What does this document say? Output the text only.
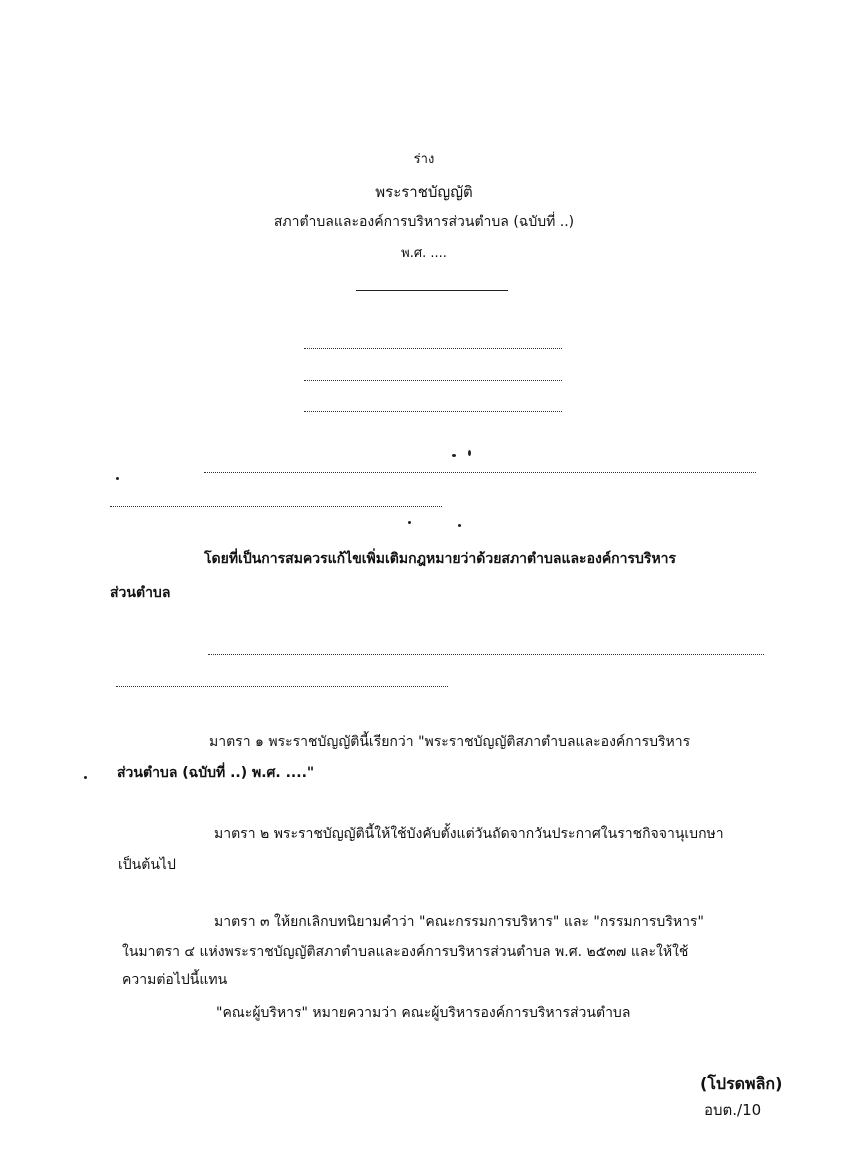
ร่าง
พระราชบัญญัติ
สภาตำบลและองค์การบริหารส่วนตำบล (ฉบับที่ ..)
พ.ศ. ....
โดยที่เป็นการสมควรแก้ไขเพิ่มเติมกฎหมายว่าด้วยสภาตำบลและองค์การบริหาร
ส่วนตำบล
มาตรา ๑ พระราชบัญญัตินี้เรียกว่า "พระราชบัญญัติสภาตำบลและองค์การบริหาร
ส่วนตำบล (ฉบับที่ ..) พ.ศ. ...."
มาตรา ๒ พระราชบัญญัตินี้ให้ใช้บังคับตั้งแต่วันถัดจากวันประกาศในราชกิจจานุเบกษา
เป็นต้นไป
มาตรา ๓ ให้ยกเลิกบทนิยามคำว่า "คณะกรรมการบริหาร" และ "กรรมการบริหาร"
ในมาตรา ๔ แห่งพระราชบัญญัติสภาตำบลและองค์การบริหารส่วนตำบล พ.ศ. ๒๕๓๗ และให้ใช้
ความต่อไปนี้แทน
"คณะผู้บริหาร" หมายความว่า คณะผู้บริหารองค์การบริหารส่วนตำบล
(โปรดพลิก)
อบต./10
